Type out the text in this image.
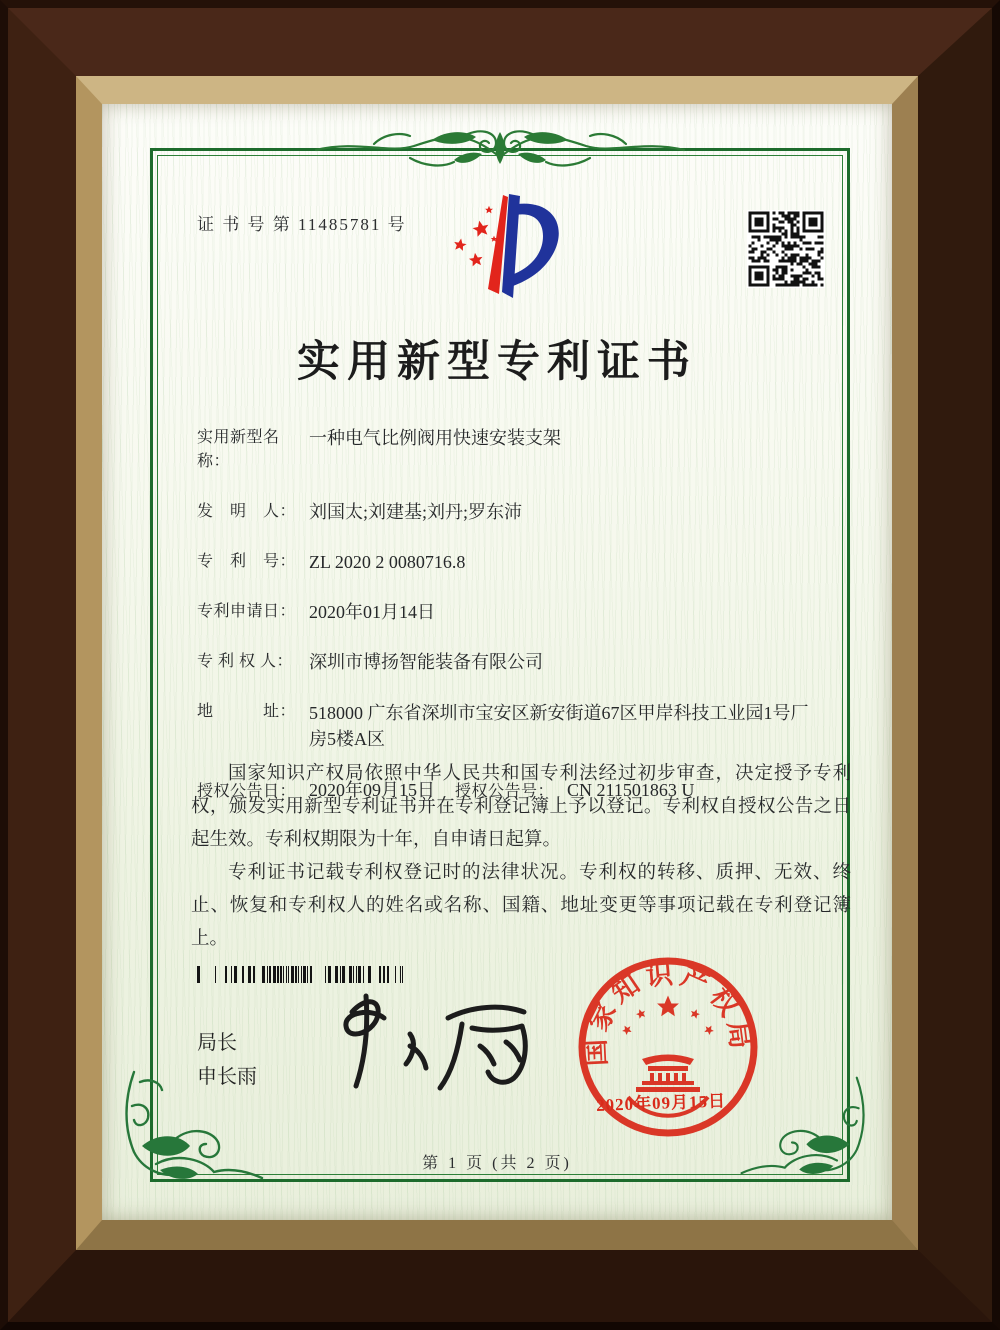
证 书 号 第 11485781 号
实用新型专利证书
实用新型名称：
一种电气比例阀用快速安装支架
发　明　人： 刘国太;刘建基;刘丹;罗东沛
专　利　号： ZL 2020 2 0080716.8
专利申请日： 2020年01月14日
专 利 权 人： 深圳市博扬智能装备有限公司
地　　　址： 518000 广东省深圳市宝安区新安街道67区甲岸科技工业园1号厂房5楼A区
授权公告日： 2020年09月15日 授权公告号： CN 211501863 U

国家知识产权局依照中华人民共和国专利法经过初步审查，决定授予专利权，颁发实用新型专利证书并在专利登记簿上予以登记。专利权自授权公告之日起生效。专利权期限为十年，自申请日起算。

专利证书记载专利权登记时的法律状况。专利权的转移、质押、无效、终止、恢复和专利权人的姓名或名称、国籍、地址变更等事项记载在专利登记簿上。

局长
申长雨
国家知识产权局
2020年09月15日
第 1 页 (共 2 页)
